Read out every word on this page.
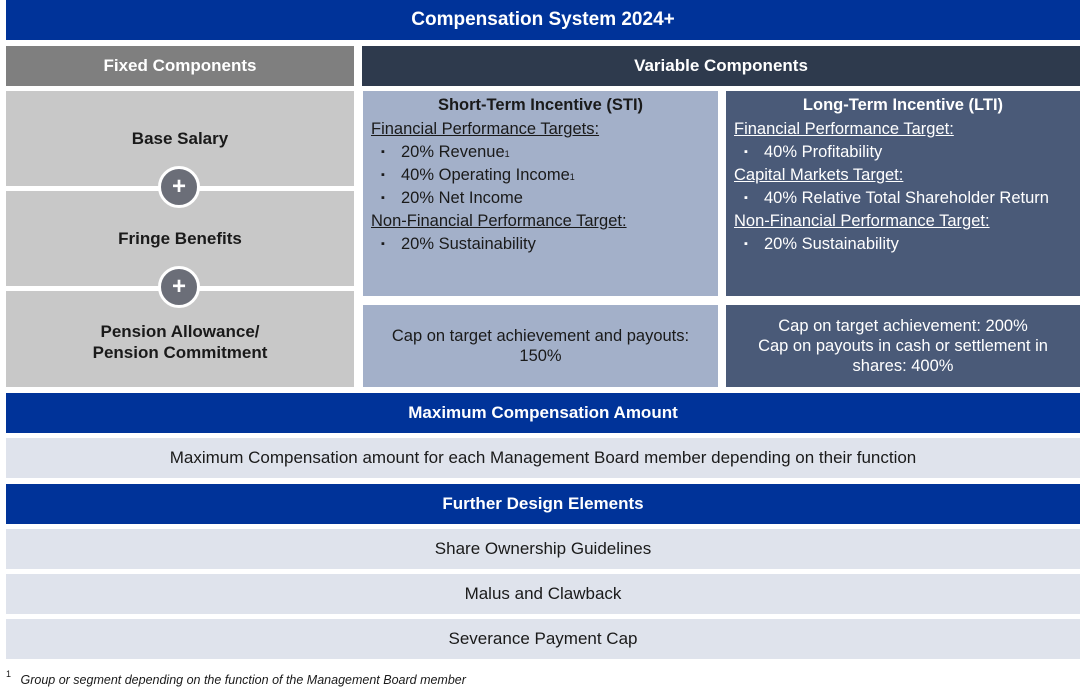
Compensation System 2024+
Fixed Components	Variable Components
Base Salary
Fringe Benefits
Pension Allowance/
Pension Commitment
+
+
Short-Term Incentive (STI)
Financial Performance Targets:
▪ 20% Revenue 1
▪ 40% Operating Income 1
▪ 20% Net Income
Non-Financial Performance Target:
▪ 20% Sustainability
Long-Term Incentive (LTI)
Financial Performance Target:
▪ 40% Profitability
Capital Markets Target:
▪ 40% Relative Total Shareholder Return
Non-Financial Performance Target:
▪ 20% Sustainability
Cap on target achievement and payouts:
150%
Cap on target achievement: 200%
Cap on payouts in cash or settlement in
shares: 400%
Maximum Compensation Amount
Maximum Compensation amount for each Management Board member depending on their function
Further Design Elements
Share Ownership Guidelines
Malus and Clawback
Severance Payment Cap
$^1$ Group or segment depending on the function of the Management Board member
